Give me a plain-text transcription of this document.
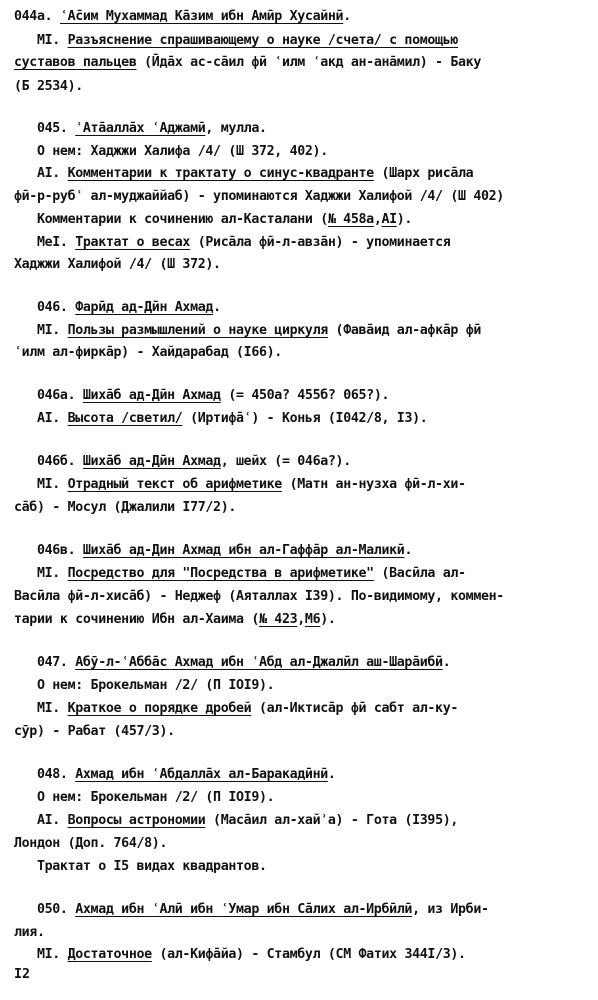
044а. ʿА̄сим Мухаммад Ка̄зим ибн Амӣр Хусайнӣ.
МI. Разъяснение спрашивающему о науке /счета/ с помощью
суставов пальцев (Ӣда̄х ас-са̄ил фӣ ʿилм ʿакд ан-ана̄мил) - Баку
(Б 2534).
045. ʿАта̄алла̄х ʿАджамӣ, мулла.
О нем: Хаджжи Халифа /4/ (Ш 372, 402).
АI. Комментарии к трактату о синус-квадранте (Шарх риса̄ла
фӣ-р-рубʿ ал-муджаййаб) - упоминаются Хаджжи Халифой /4/ (Ш 402)
Комментарии к сочинению ал-Касталани (№ 458а,АI).
МеI. Трактат о весах (Риса̄ла фӣ-л-авза̄н) - упоминается
Хаджжи Халифой /4/ (Ш 372).
046. Фарӣд ад-Дӣн Ахмад.
МI. Пользы размышлений о науке циркуля (Фава̄ид ал-афка̄р фӣ
ʿилм ал-фирка̄р) - Хайдарабад (I66).
046а. Шиха̄б ад-Дӣн Ахмад (= 450а? 455б? 065?).
АI. Высота /светил/ (Иртифа̄ʿ) - Конья (I042/8, I3).
046б. Шиха̄б ад-Дӣн Ахмад, шейх (= 046а?).
МI. Отрадный текст об арифметике (Матн ан-нузха фӣ-л-хи-
са̄б) - Мосул (Джалили I77/2).
046в. Шиха̄б ад-Дин Ахмад ибн ал-Гаффа̄р ал-Маликӣ.
МI. Посредство для "Посредства в арифметике" (Васӣла ал-
Васӣла фӣ-л-хиса̄б) - Неджеф (Аяталлах I39). По-видимому, коммен-
тарии к сочинению Ибн ал-Хаима (№ 423,М6).
047. Абӯ-л-ʿАбба̄с Ахмад ибн ʿАбд ал-Джалӣл аш-Шара̄ибӣ.
О нем: Брокельман /2/ (П IОI9).
МI. Краткое о порядке дробей (ал-Иктиса̄р фӣ сабт ал-ку-
сӯр) - Рабат (457/3).
048. Ахмад ибн ʿАбдалла̄х ал-Баракадӣнӣ.
О нем: Брокельман /2/ (П IОI9).
АI. Вопросы астрономии (Маса̄ил ал-хайʾа) - Гота (I395),
Лондон (Доп. 764/8).
Трактат о I5 видах квадрантов.
050. Ахмад ибн ʿАлӣ ибн ʿУмар ибн Са̄лих ал-Ирбӣлӣ, из Ирби-
лия.
МI. Достаточное (ал-Кифа̄йа) - Стамбул (СМ Фатих 344I/3).
I2
